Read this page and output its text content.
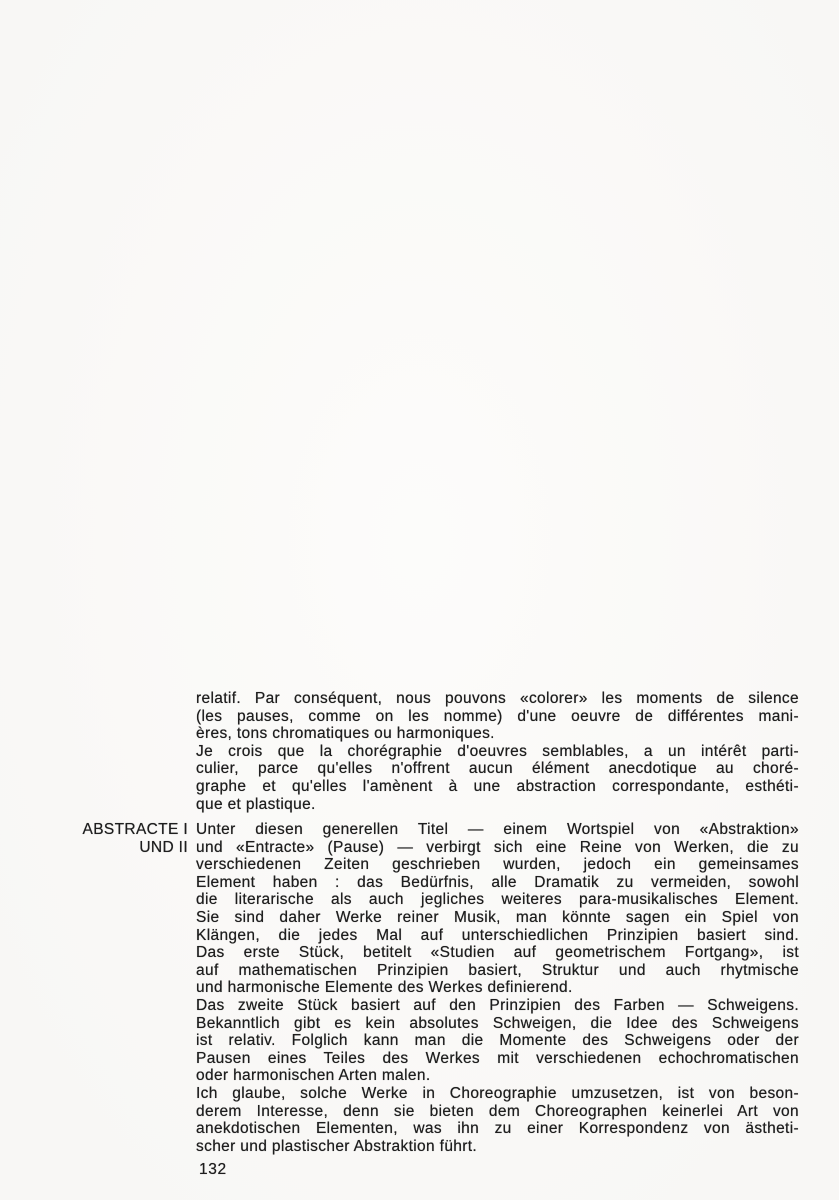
relatif. Par conséquent, nous pouvons «colorer» les moments de silence
(les pauses, comme on les nomme) d'une oeuvre de différentes mani-
ères, tons chromatiques ou harmoniques.
Je crois que la chorégraphie d'oeuvres semblables, a un intérêt parti-
culier, parce qu'elles n'offrent aucun élément anecdotique au choré-
graphe et qu'elles l'amènent à une abstraction correspondante, esthéti-
que et plastique.
ABSTRACTE I
UND II
Unter diesen generellen Titel — einem Wortspiel von «Abstraktion»
und «Entracte» (Pause) — verbirgt sich eine Reine von Werken, die zu
verschiedenen Zeiten geschrieben wurden, jedoch ein gemeinsames
Element haben : das Bedürfnis, alle Dramatik zu vermeiden, sowohl
die literarische als auch jegliches weiteres para-musikalisches Element.
Sie sind daher Werke reiner Musik, man könnte sagen ein Spiel von
Klängen, die jedes Mal auf unterschiedlichen Prinzipien basiert sind.
Das erste Stück, betitelt «Studien auf geometrischem Fortgang», ist
auf mathematischen Prinzipien basiert, Struktur und auch rhytmische
und harmonische Elemente des Werkes definierend.
Das zweite Stück basiert auf den Prinzipien des Farben — Schweigens.
Bekanntlich gibt es kein absolutes Schweigen, die Idee des Schweigens
ist relativ. Folglich kann man die Momente des Schweigens oder der
Pausen eines Teiles des Werkes mit verschiedenen echochromatischen
oder harmonischen Arten malen.
Ich glaube, solche Werke in Choreographie umzusetzen, ist von beson-
derem Interesse, denn sie bieten dem Choreographen keinerlei Art von
anekdotischen Elementen, was ihn zu einer Korrespondenz von ästheti-
scher und plastischer Abstraktion führt.
132
